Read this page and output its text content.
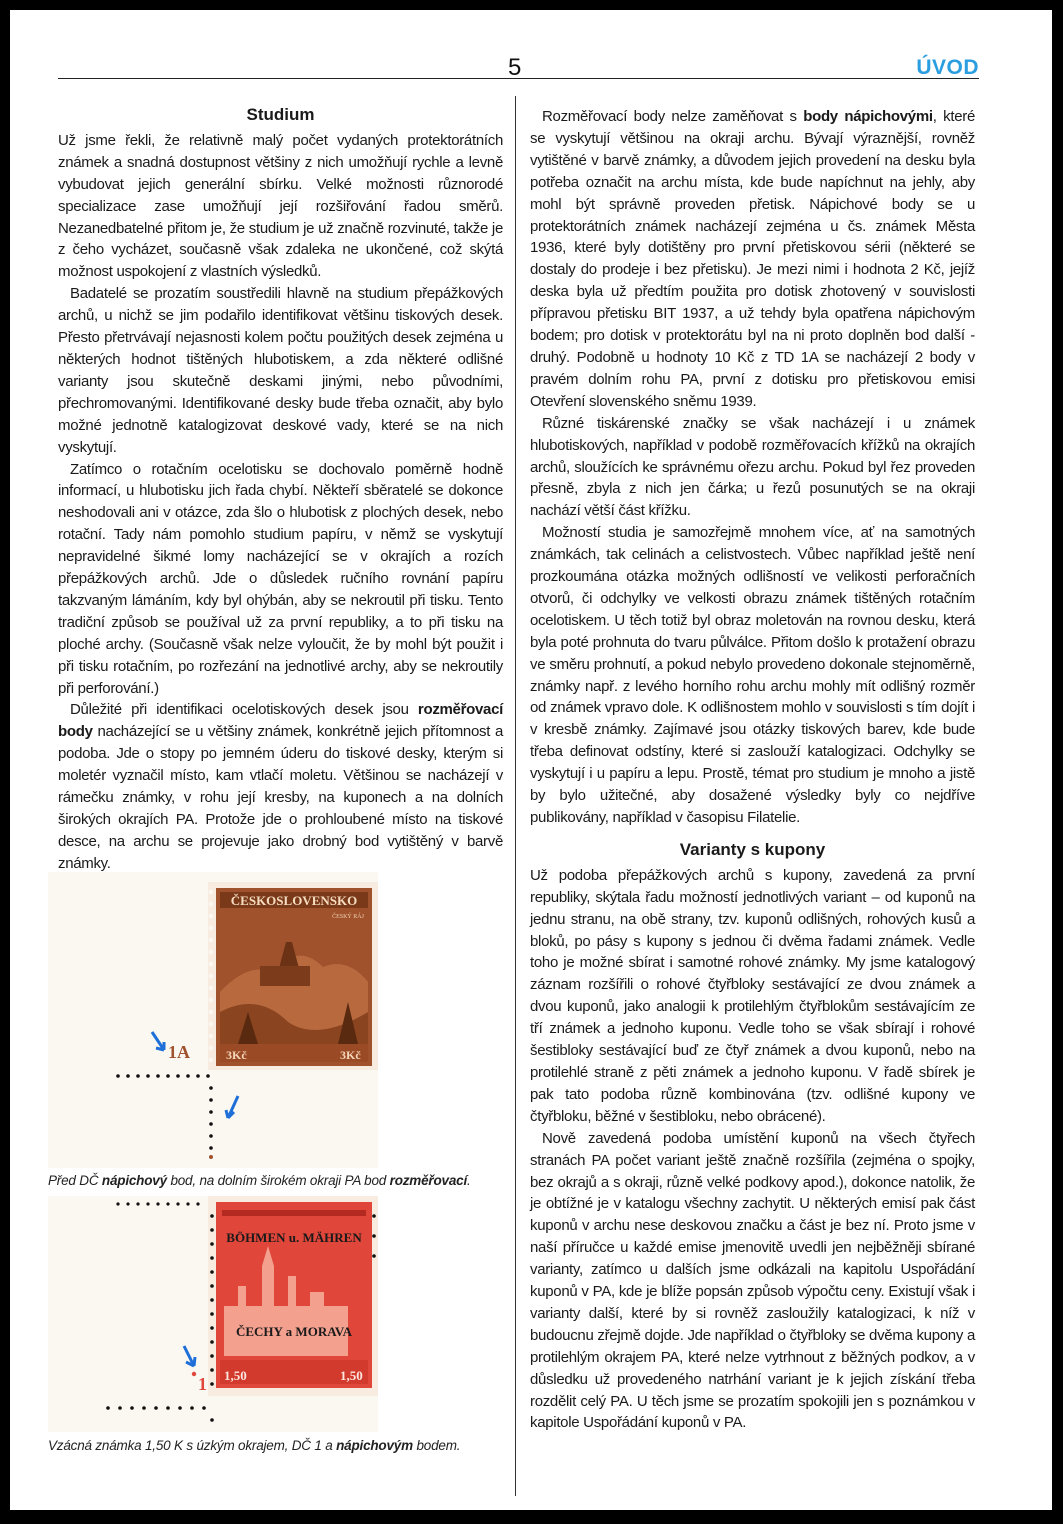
5	ÚVOD
Studium

Už jsme řekli, že relativně malý počet vydaných protektorátních známek a snadná dostupnost většiny z nich umožňují rychle a levně vybudovat jejich generální sbírku. Velké možnosti různorodé specializace zase umožňují její rozšiřování řadou směrů. Nezanedbatelné přitom je, že studium je už značně rozvinuté, takže je z čeho vycházet, současně však zdaleka ne ukončené, což skýtá možnost uspokojení z vlastních výsledků.

Badatelé se prozatím soustředili hlavně na studium přepážkových archů, u nichž se jim podařilo identifikovat většinu tiskových desek. Přesto přetrvávají nejasnosti kolem počtu použitých desek zejména u některých hodnot tištěných hlubotiskem, a zda některé odlišné varianty jsou skutečně deskami jinými, nebo původními, přechromovanými. Identifikované desky bude třeba označit, aby bylo možné jednotně katalogizovat deskové vady, které se na nich vyskytují.

Zatímco o rotačním ocelotisku se dochovalo poměrně hodně informací, u hlubotisku jich řada chybí. Někteří sběratelé se dokonce neshodovali ani v otázce, zda šlo o hlubotisk z plochých desek, nebo rotační. Tady nám pomohlo studium papíru, v němž se vyskytují nepravidelné šikmé lomy nacházející se v okrajích a rozích přepážkových archů. Jde o důsledek ručního rovnání papíru takzvaným lámáním, kdy byl ohýbán, aby se nekroutil při tisku. Tento tradiční způsob se používal už za první republiky, a to při tisku na ploché archy. (Současně však nelze vyloučit, že by mohl být použit i při tisku rotačním, po rozřezání na jednotlivé archy, aby se nekroutily při perforování.)

Důležité při identifikaci ocelotiskových desek jsou rozměřovací body nacházející se u většiny známek, konkrétně jejich přítomnost a podoba. Jde o stopy po jemném úderu do tiskové desky, kterým si moletér vyznačil místo, kam vtlačí moletu. Většinou se nacházejí v rámečku známky, v rohu její kresby, na kuponech a na dolních širokých okrajích PA. Protože jde o prohloubené místo na tiskové desce, na archu se projevuje jako drobný bod vytištěný v barvě známky.

ČESKOSLOVENSKO
ČESKÝ RÁJ
3Kč	3Kč
1A
Před DČ nápichový bod, na dolním širokém okraji PA bod rozměřovací.
BÖHMEN u. MÄHREN
ČECHY a MORAVA
1,50	1,50
1
Vzácná známka 1,50 K s úzkým okrajem, DČ 1 a nápichovým bodem.

Rozměřovací body nelze zaměňovat s body nápichovými, které se vyskytují většinou na okraji archu. Bývají výraznější, rovněž vytištěné v barvě známky, a důvodem jejich provedení na desku byla potřeba označit na archu místa, kde bude napíchnut na jehly, aby mohl být správně proveden přetisk. Nápichové body se u protektorátních známek nacházejí zejména u čs. známek Města 1936, které byly dotištěny pro první přetiskovou sérii (některé se dostaly do prodeje i bez přetisku). Je mezi nimi i hodnota 2 Kč, jejíž deska byla už předtím použita pro dotisk zhotovený v souvislosti přípravou přetisku BIT 1937, a už tehdy byla opatřena nápichovým bodem; pro dotisk v protektorátu byl na ni proto doplněn bod další - druhý. Podobně u hodnoty 10 Kč z TD 1A se nacházejí 2 body v pravém dolním rohu PA, první z dotisku pro přetiskovou emisi Otevření slovenského sněmu 1939.

Různé tiskárenské značky se však nacházejí i u známek hlubotiskových, například v podobě rozměřovacích křížků na okrajích archů, sloužících ke správnému ořezu archu. Pokud byl řez proveden přesně, zbyla z nich jen čárka; u řezů posunutých se na okraji nachází větší část křížku.

Možností studia je samozřejmě mnohem více, ať na samotných známkách, tak celinách a celistvostech. Vůbec například ještě není prozkoumána otázka možných odlišností ve velikosti perforačních otvorů, či odchylky ve velkosti obrazu známek tištěných rotačním ocelotiskem. U těch totiž byl obraz moletován na rovnou desku, která byla poté prohnuta do tvaru půlválce. Přitom došlo k protažení obrazu ve směru prohnutí, a pokud nebylo provedeno dokonale stejnoměrně, známky např. z levého horního rohu archu mohly mít odlišný rozměr od známek vpravo dole. K odlišnostem mohlo v souvislosti s tím dojít i v kresbě známky. Zajímavé jsou otázky tiskových barev, kde bude třeba definovat odstíny, které si zaslouží katalogizaci. Odchylky se vyskytují i u papíru a lepu. Prostě, témat pro studium je mnoho a jistě by bylo užitečné, aby dosažené výsledky byly co nejdříve publikovány, například v časopisu Filatelie.

Varianty s kupony

Už podoba přepážkových archů s kupony, zavedená za první republiky, skýtala řadu možností jednotlivých variant – od kuponů na jednu stranu, na obě strany, tzv. kuponů odlišných, rohových kusů a bloků, po pásy s kupony s jednou či dvěma řadami známek. Vedle toho je možné sbírat i samotné rohové známky. My jsme katalogový záznam rozšířili o rohové čtyřbloky sestávající ze dvou známek a dvou kuponů, jako analogii k protilehlým čtyřblokům sestávajícím ze tří známek a jednoho kuponu. Vedle toho se však sbírají i rohové šestibloky sestávající buď ze čtyř známek a dvou kuponů, nebo na protilehlé straně z pěti známek a jednoho kuponu. V řadě sbírek je pak tato podoba různě kombinována (tzv. odlišné kupony ve čtyřbloku, běžné v šestibloku, nebo obrácené).

Nově zavedená podoba umístění kuponů na všech čtyřech stranách PA počet variant ještě značně rozšířila (zejména o spojky, bez okrajů a s okraji, různě velké podkovy apod.), dokonce natolik, že je obtížné je v katalogu všechny zachytit. U některých emisí pak část kuponů v archu nese deskovou značku a část je bez ní. Proto jsme v naší příručce u každé emise jmenovitě uvedli jen nejběžněji sbírané varianty, zatímco u dalších jsme odkázali na kapitolu Uspořádání kuponů v PA, kde je blíže popsán způsob výpočtu ceny. Existují však i varianty další, které by si rovněž zasloužily katalogizaci, k níž v budoucnu zřejmě dojde. Jde například o čtyřbloky se dvěma kupony a protilehlým okrajem PA, které nelze vytrhnout z běžných podkov, a v důsledku už provedeného natrhání variant je k jejich získání třeba rozdělit celý PA. U těch jsme se prozatím spokojili jen s poznámkou v kapitole Uspořádání kuponů v PA.
